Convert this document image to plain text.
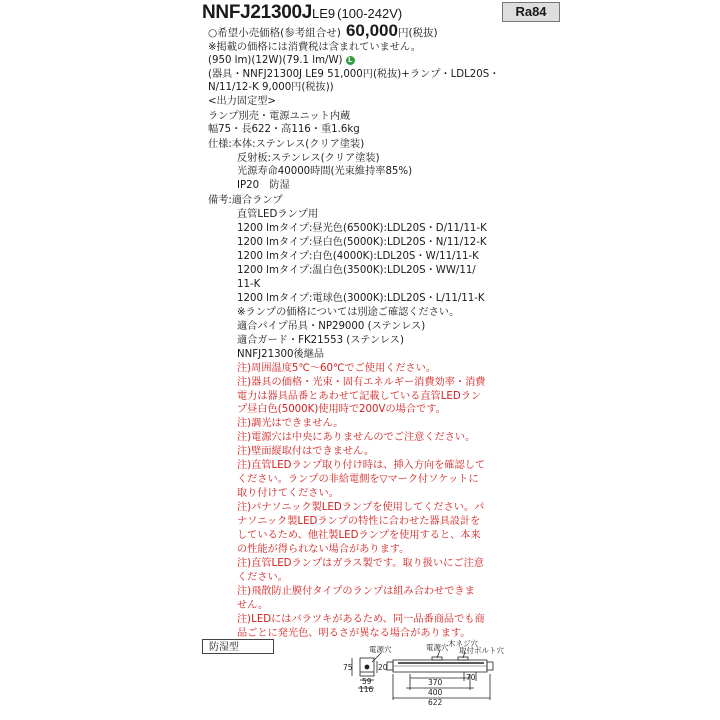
NNFJ21300JLE9 (100-242V)	Ra84
○希望小売価格(参考組合せ) 60,000円(税抜)
※掲載の価格には消費税は含まれていません。
(950 lm)(12W)(79.1 lm/W) L
(器具・NNFJ21300J LE9 51,000円(税抜)+ランプ・LDL20S・
N/11/12-K 9,000円(税抜))
<出力固定型>
ランプ別売・電源ユニット内蔵
幅75・長622・高116・重1.6kg
仕様:本体:ステンレス(クリア塗装)
反射板:ステンレス(クリア塗装)
光源寿命40000時間(光束維持率85%)
IP20　防湿
備考:適合ランプ
直管LEDランプ用
1200 lmタイプ:昼光色(6500K):LDL20S・D/11/11-K
1200 lmタイプ:昼白色(5000K):LDL20S・N/11/12-K
1200 lmタイプ:白色(4000K):LDL20S・W/11/11-K
1200 lmタイプ:温白色(3500K):LDL20S・WW/11/
11-K
1200 lmタイプ:電球色(3000K):LDL20S・L/11/11-K
※ランプの価格については別途ご確認ください。
適合パイプ吊具・NP29000 (ステンレス)
適合ガード・FK21553 (ステンレス)
NNFJ21300後継品
注)周囲温度5℃〜60℃でご使用ください。
注)器具の価格・光束・固有エネルギー消費効率・消費
電力は器具品番とあわせて記載している直管LEDラン
プ昼白色(5000K)使用時で200Vの場合です。
注)調光はできません。
注)電源穴は中央にありませんのでご注意ください。
注)壁面縦取付はできません。
注)直管LEDランプ取り付け時は、挿入方向を確認して
ください。ランプの非給電側を▽マーク付ソケットに
取り付けてください。
注)パナソニック製LEDランプを使用してください。パ
ナソニック製LEDランプの特性に合わせた器具設計を
しているため、他社製LEDランプを使用すると、本来
の性能が得られない場合があります。
注)直管LEDランプはガラス製です。取り扱いにご注意
ください。
注)飛散防止膜付タイプのランプは組み合わせできま
せん。
注)LEDにはバラツキがあるため、同一品番商品でも商
品ごとに発光色、明るさが異なる場合があります。
防湿型	電源穴	電源穴 木ネジ穴
取付ボルト穴
75	20
59
116
370
400
622
70
